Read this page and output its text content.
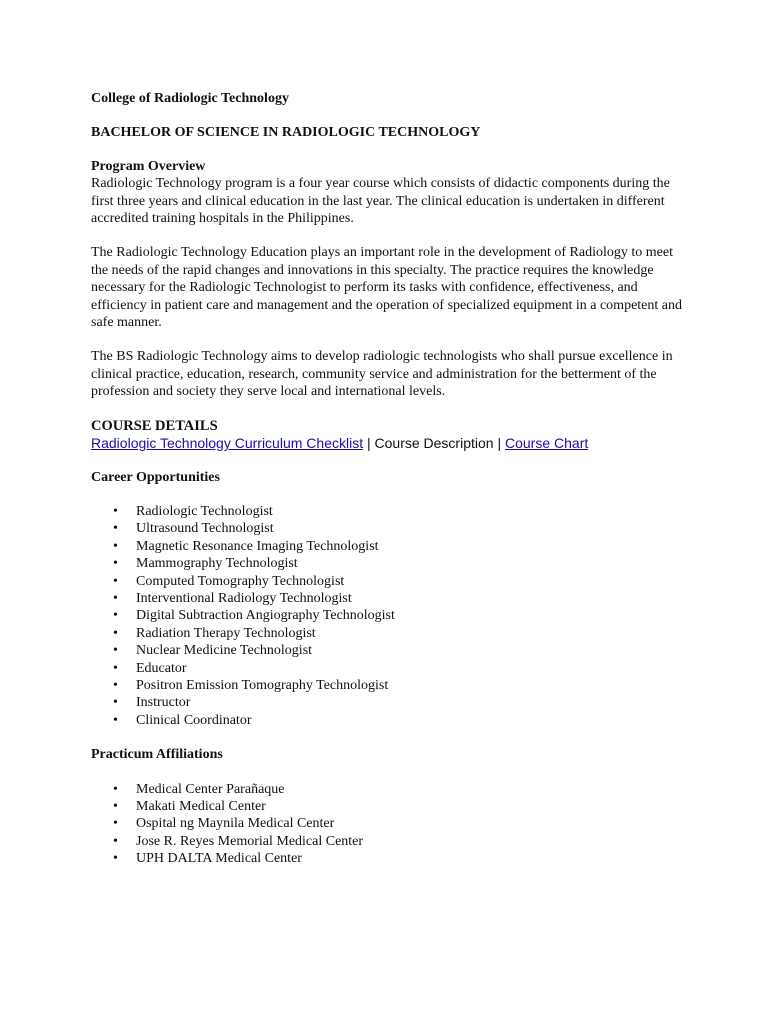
College of Radiologic Technology
BACHELOR OF SCIENCE IN RADIOLOGIC TECHNOLOGY
Program Overview

Radiologic Technology program is a four year course which consists of didactic components during the first three years and clinical education in the last year. The clinical education is undertaken in different accredited training hospitals in the Philippines.

The Radiologic Technology Education plays an important role in the development of Radiology to meet the needs of the rapid changes and innovations in this specialty. The practice requires the knowledge necessary for the Radiologic Technologist to perform its tasks with confidence, effectiveness, and efficiency in patient care and management and the operation of specialized equipment in a competent and safe manner.

The BS Radiologic Technology aims to develop radiologic technologists who shall pursue excellence in clinical practice, education, research, community service and administration for the betterment of the profession and society they serve local and international levels.

COURSE DETAILS
Radiologic Technology Curriculum Checklist | Course Description | Course Chart
Career Opportunities
• Radiologic Technologist
• Ultrasound Technologist
• Magnetic Resonance Imaging Technologist
• Mammography Technologist
• Computed Tomography Technologist
• Interventional Radiology Technologist
• Digital Subtraction Angiography Technologist
• Radiation Therapy Technologist
• Nuclear Medicine Technologist
• Educator
• Positron Emission Tomography Technologist
• Instructor
• Clinical Coordinator
Practicum Affiliations
• Medical Center Parañaque
• Makati Medical Center
• Ospital ng Maynila Medical Center
• Jose R. Reyes Memorial Medical Center
• UPH DALTA Medical Center
